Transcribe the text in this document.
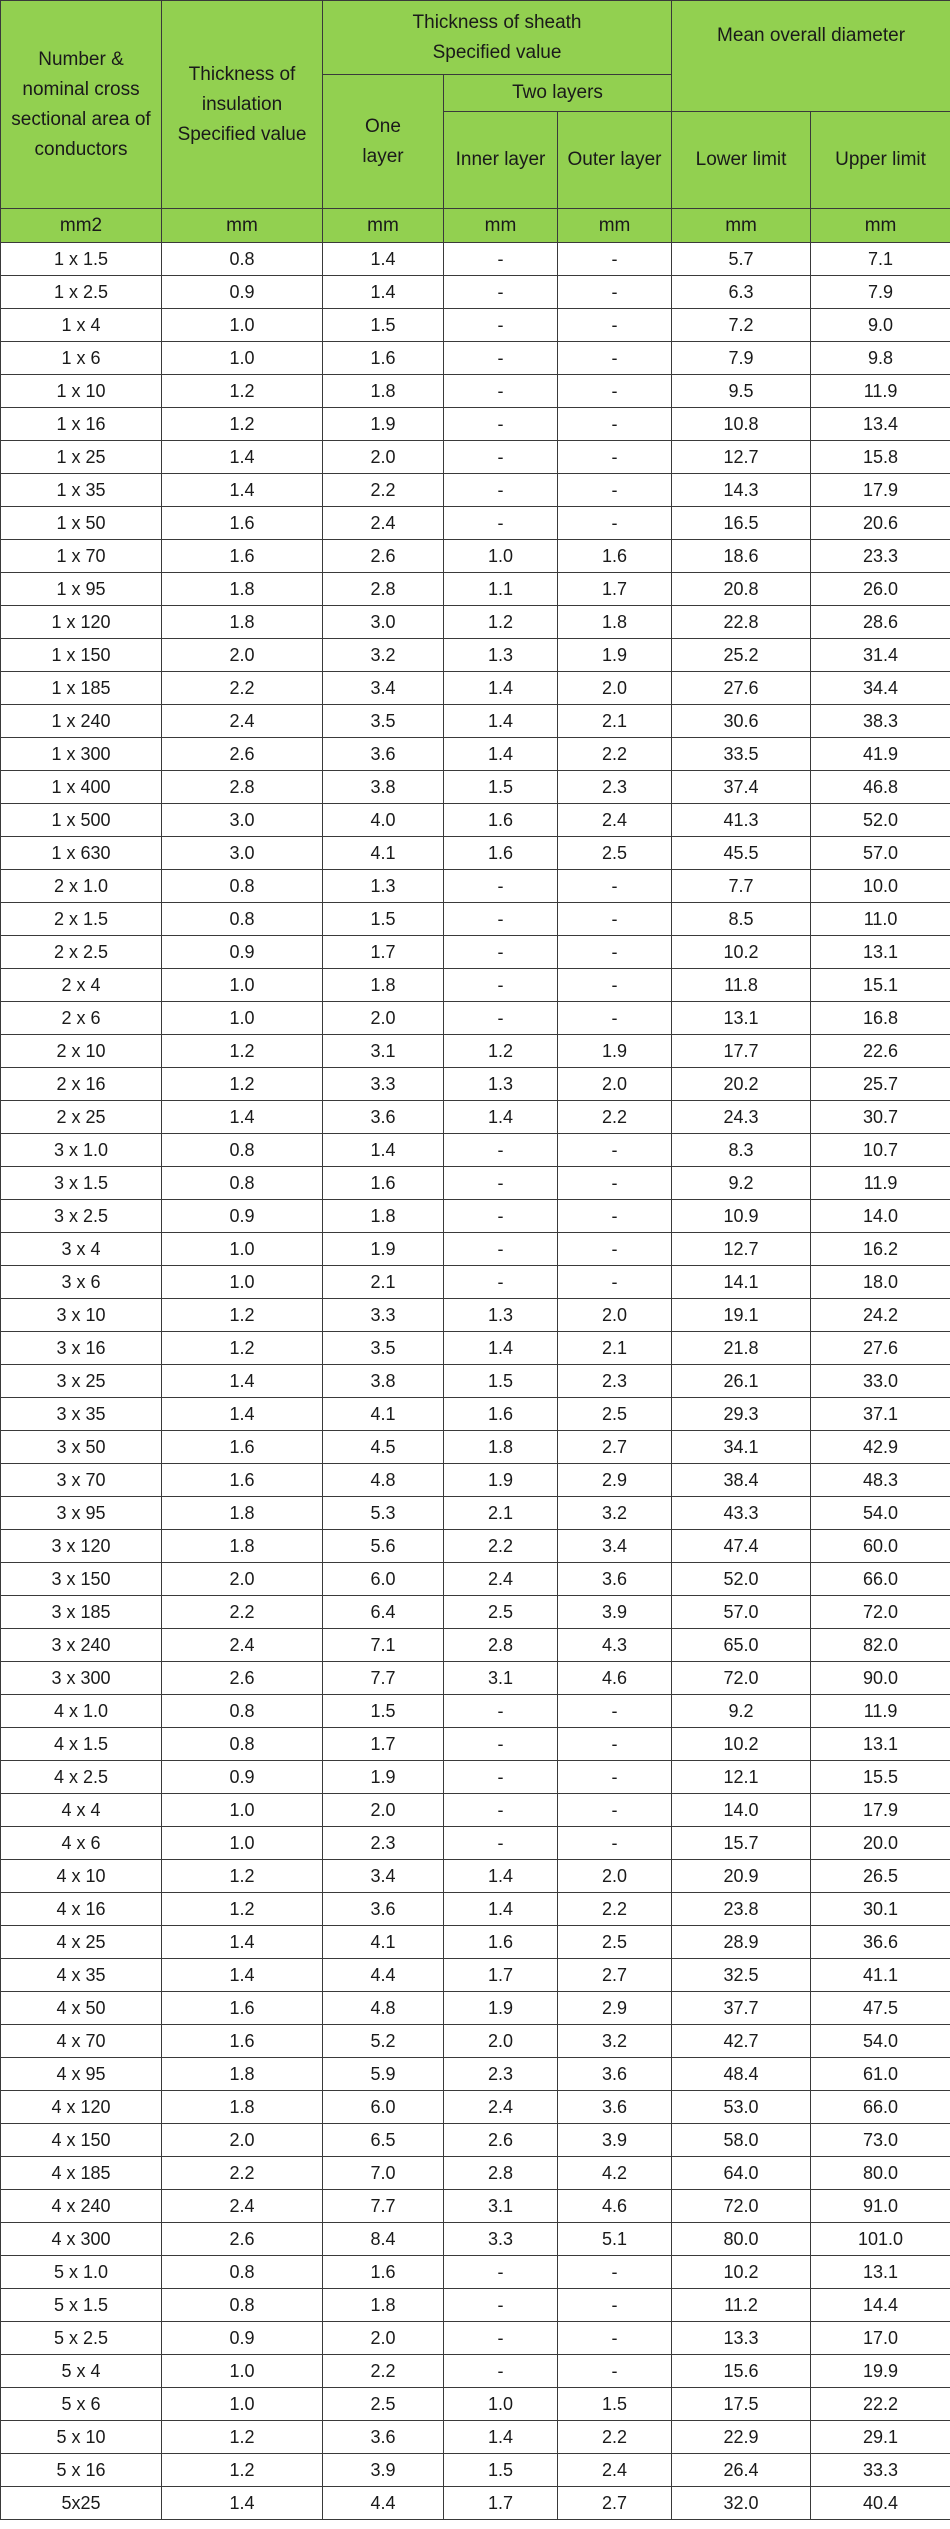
Number & nominal cross sectional area of conductors	Thickness of insulation Specified value	Thickness of sheath Specified value			Mean overall diameter	
		One layer	Two layers			
			Inner layer	Outer layer	Lower limit	Upper limit
mm2	mm	mm	mm	mm	mm	mm
1 x 1.5	0.8	1.4	-	-	5.7	7.1
1 x 2.5	0.9	1.4	-	-	6.3	7.9
1 x 4	1.0	1.5	-	-	7.2	9.0
1 x 6	1.0	1.6	-	-	7.9	9.8
1 x 10	1.2	1.8	-	-	9.5	11.9
1 x 16	1.2	1.9	-	-	10.8	13.4
1 x 25	1.4	2.0	-	-	12.7	15.8
1 x 35	1.4	2.2	-	-	14.3	17.9
1 x 50	1.6	2.4	-	-	16.5	20.6
1 x 70	1.6	2.6	1.0	1.6	18.6	23.3
1 x 95	1.8	2.8	1.1	1.7	20.8	26.0
1 x 120	1.8	3.0	1.2	1.8	22.8	28.6
1 x 150	2.0	3.2	1.3	1.9	25.2	31.4
1 x 185	2.2	3.4	1.4	2.0	27.6	34.4
1 x 240	2.4	3.5	1.4	2.1	30.6	38.3
1 x 300	2.6	3.6	1.4	2.2	33.5	41.9
1 x 400	2.8	3.8	1.5	2.3	37.4	46.8
1 x 500	3.0	4.0	1.6	2.4	41.3	52.0
1 x 630	3.0	4.1	1.6	2.5	45.5	57.0
2 x 1.0	0.8	1.3	-	-	7.7	10.0
2 x 1.5	0.8	1.5	-	-	8.5	11.0
2 x 2.5	0.9	1.7	-	-	10.2	13.1
2 x 4	1.0	1.8	-	-	11.8	15.1
2 x 6	1.0	2.0	-	-	13.1	16.8
2 x 10	1.2	3.1	1.2	1.9	17.7	22.6
2 x 16	1.2	3.3	1.3	2.0	20.2	25.7
2 x 25	1.4	3.6	1.4	2.2	24.3	30.7
3 x 1.0	0.8	1.4	-	-	8.3	10.7
3 x 1.5	0.8	1.6	-	-	9.2	11.9
3 x 2.5	0.9	1.8	-	-	10.9	14.0
3 x 4	1.0	1.9	-	-	12.7	16.2
3 x 6	1.0	2.1	-	-	14.1	18.0
3 x 10	1.2	3.3	1.3	2.0	19.1	24.2
3 x 16	1.2	3.5	1.4	2.1	21.8	27.6
3 x 25	1.4	3.8	1.5	2.3	26.1	33.0
3 x 35	1.4	4.1	1.6	2.5	29.3	37.1
3 x 50	1.6	4.5	1.8	2.7	34.1	42.9
3 x 70	1.6	4.8	1.9	2.9	38.4	48.3
3 x 95	1.8	5.3	2.1	3.2	43.3	54.0
3 x 120	1.8	5.6	2.2	3.4	47.4	60.0
3 x 150	2.0	6.0	2.4	3.6	52.0	66.0
3 x 185	2.2	6.4	2.5	3.9	57.0	72.0
3 x 240	2.4	7.1	2.8	4.3	65.0	82.0
3 x 300	2.6	7.7	3.1	4.6	72.0	90.0
4 x 1.0	0.8	1.5	-	-	9.2	11.9
4 x 1.5	0.8	1.7	-	-	10.2	13.1
4 x 2.5	0.9	1.9	-	-	12.1	15.5
4 x 4	1.0	2.0	-	-	14.0	17.9
4 x 6	1.0	2.3	-	-	15.7	20.0
4 x 10	1.2	3.4	1.4	2.0	20.9	26.5
4 x 16	1.2	3.6	1.4	2.2	23.8	30.1
4 x 25	1.4	4.1	1.6	2.5	28.9	36.6
4 x 35	1.4	4.4	1.7	2.7	32.5	41.1
4 x 50	1.6	4.8	1.9	2.9	37.7	47.5
4 x 70	1.6	5.2	2.0	3.2	42.7	54.0
4 x 95	1.8	5.9	2.3	3.6	48.4	61.0
4 x 120	1.8	6.0	2.4	3.6	53.0	66.0
4 x 150	2.0	6.5	2.6	3.9	58.0	73.0
4 x 185	2.2	7.0	2.8	4.2	64.0	80.0
4 x 240	2.4	7.7	3.1	4.6	72.0	91.0
4 x 300	2.6	8.4	3.3	5.1	80.0	101.0
5 x 1.0	0.8	1.6	-	-	10.2	13.1
5 x 1.5	0.8	1.8	-	-	11.2	14.4
5 x 2.5	0.9	2.0	-	-	13.3	17.0
5 x 4	1.0	2.2	-	-	15.6	19.9
5 x 6	1.0	2.5	1.0	1.5	17.5	22.2
5 x 10	1.2	3.6	1.4	2.2	22.9	29.1
5 x 16	1.2	3.9	1.5	2.4	26.4	33.3
5x25	1.4	4.4	1.7	2.7	32.0	40.4
